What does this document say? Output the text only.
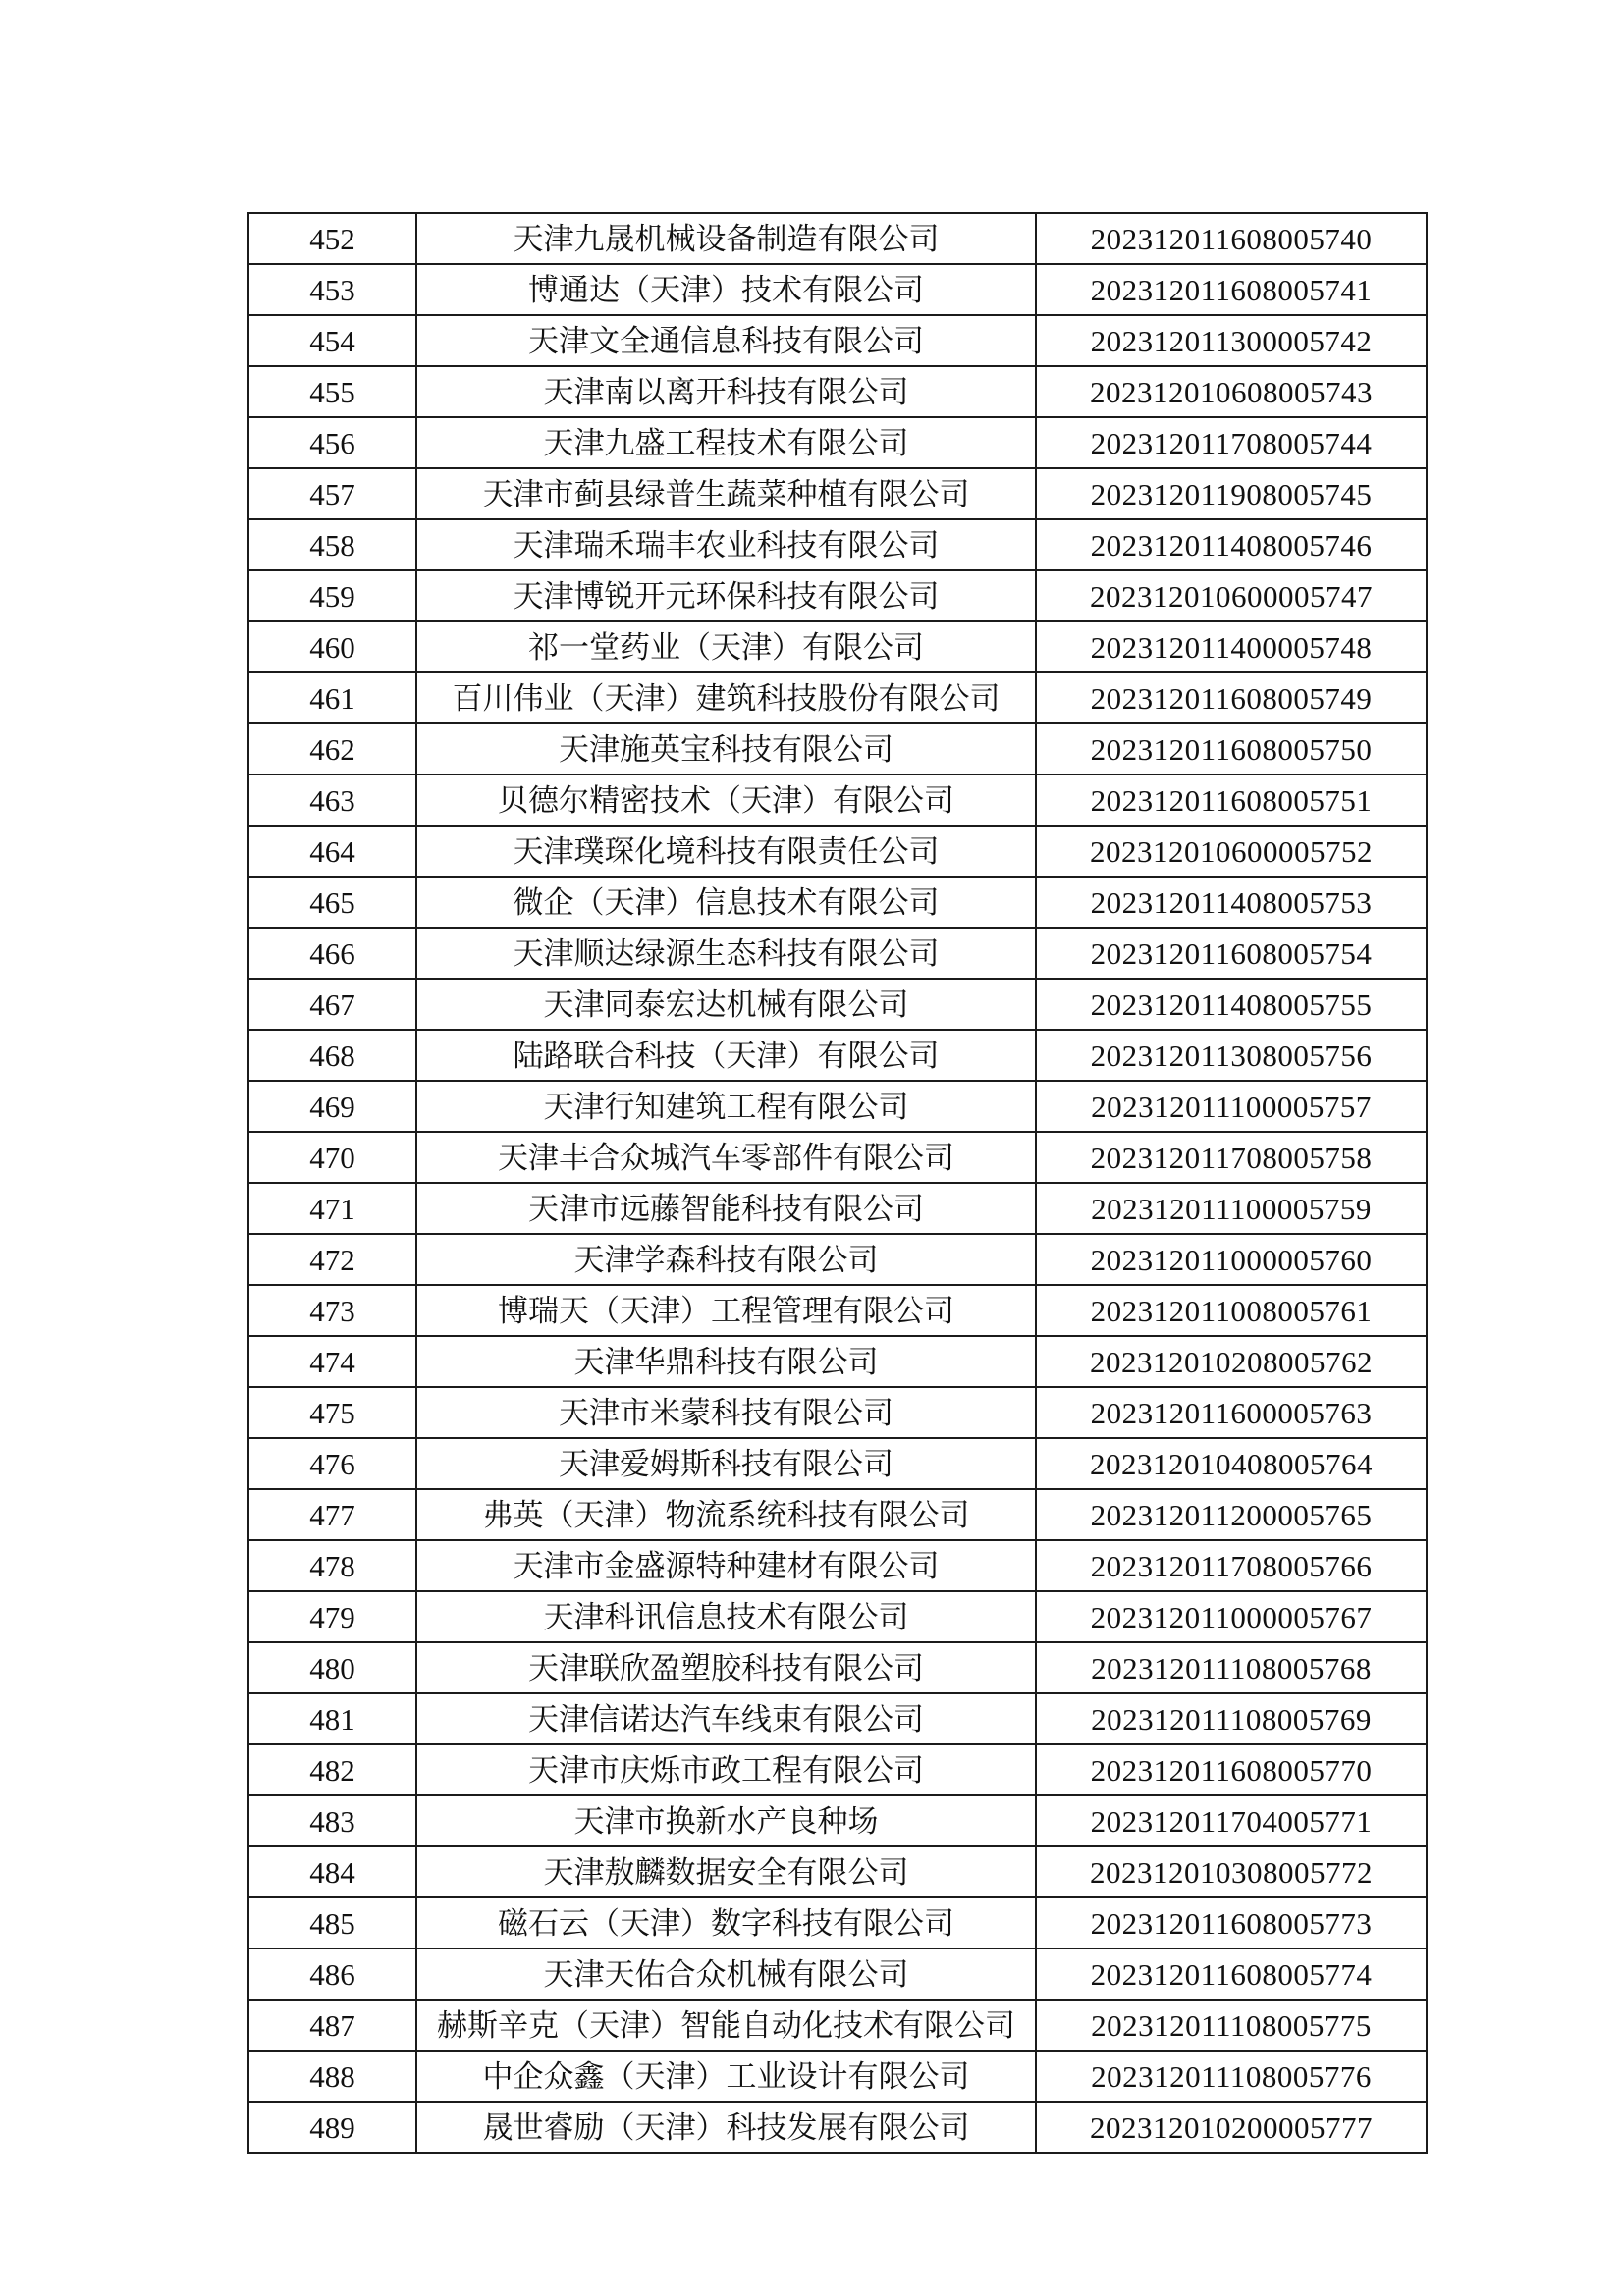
452	天津九晟机械设备制造有限公司	202312011608005740
453	博通达（天津）技术有限公司	202312011608005741
454	天津文全通信息科技有限公司	202312011300005742
455	天津南以离开科技有限公司	202312010608005743
456	天津九盛工程技术有限公司	202312011708005744
457	天津市蓟县绿普生蔬菜种植有限公司	202312011908005745
458	天津瑞禾瑞丰农业科技有限公司	202312011408005746
459	天津博锐开元环保科技有限公司	202312010600005747
460	祁一堂药业（天津）有限公司	202312011400005748
461	百川伟业（天津）建筑科技股份有限公司	202312011608005749
462	天津施英宝科技有限公司	202312011608005750
463	贝德尔精密技术（天津）有限公司	202312011608005751
464	天津璞琛化境科技有限责任公司	202312010600005752
465	微企（天津）信息技术有限公司	202312011408005753
466	天津顺达绿源生态科技有限公司	202312011608005754
467	天津同泰宏达机械有限公司	202312011408005755
468	陆路联合科技（天津）有限公司	202312011308005756
469	天津行知建筑工程有限公司	202312011100005757
470	天津丰合众城汽车零部件有限公司	202312011708005758
471	天津市远藤智能科技有限公司	202312011100005759
472	天津学森科技有限公司	202312011000005760
473	博瑞天（天津）工程管理有限公司	202312011008005761
474	天津华鼎科技有限公司	202312010208005762
475	天津市米蒙科技有限公司	202312011600005763
476	天津爱姆斯科技有限公司	202312010408005764
477	弗英（天津）物流系统科技有限公司	202312011200005765
478	天津市金盛源特种建材有限公司	202312011708005766
479	天津科讯信息技术有限公司	202312011000005767
480	天津联欣盈塑胶科技有限公司	202312011108005768
481	天津信诺达汽车线束有限公司	202312011108005769
482	天津市庆烁市政工程有限公司	202312011608005770
483	天津市换新水产良种场	202312011704005771
484	天津敖麟数据安全有限公司	202312010308005772
485	磁石云（天津）数字科技有限公司	202312011608005773
486	天津天佑合众机械有限公司	202312011608005774
487	赫斯辛克（天津）智能自动化技术有限公司	202312011108005775
488	中企众鑫（天津）工业设计有限公司	202312011108005776
489	晟世睿励（天津）科技发展有限公司	202312010200005777
